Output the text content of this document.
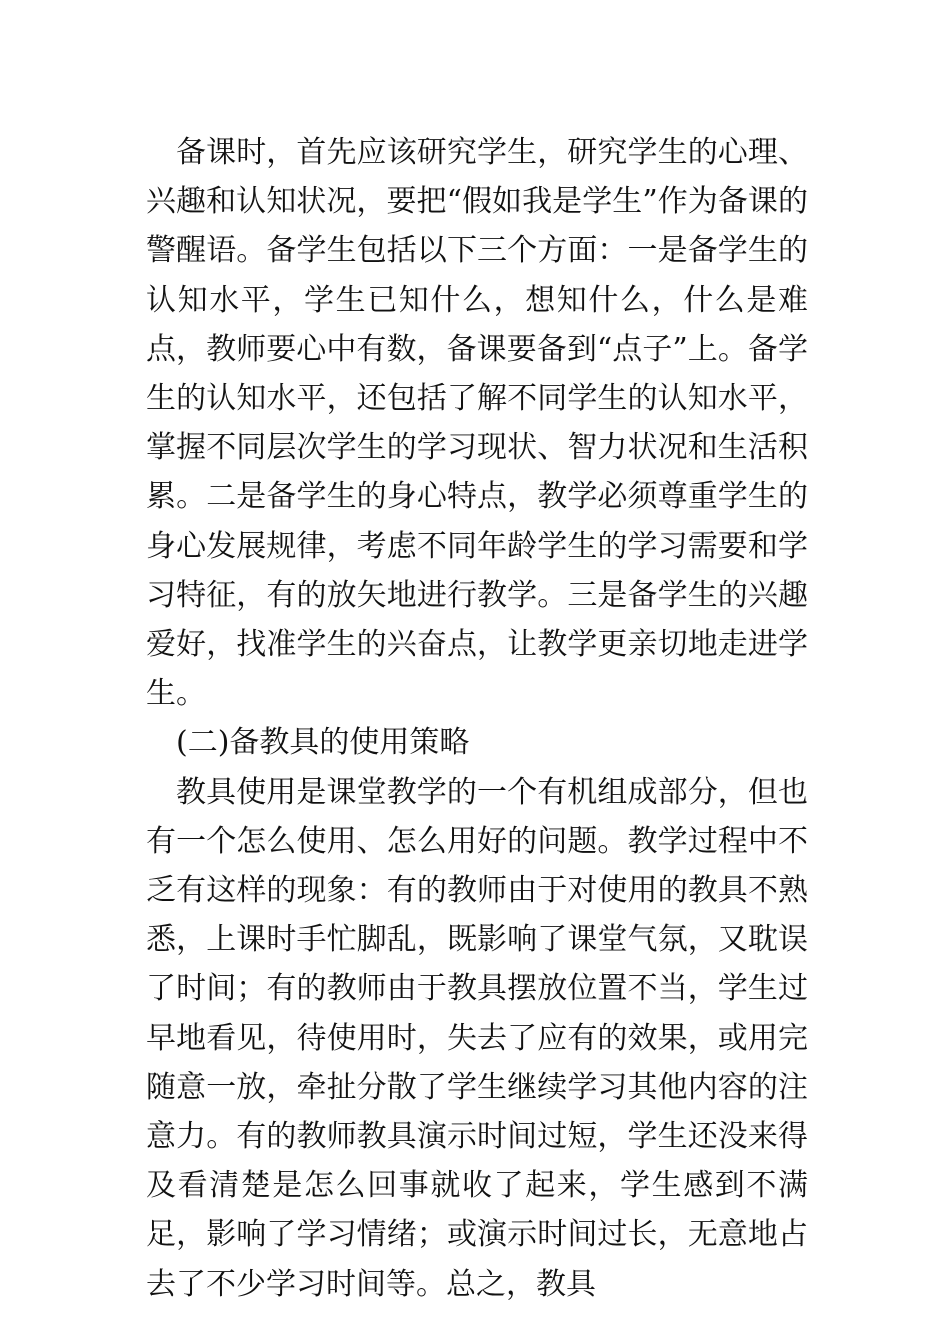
备课时，首先应该研究学生，研究学生的心理、兴趣和认知状况，要把“假如我是学生”作为备课的警醒语。备学生包括以下三个方面：一是备学生的认知水平，学生已知什么，想知什么，什么是难点，教师要心中有数，备课要备到“点子”上。备学生的认知水平，还包括了解不同学生的认知水平，掌握不同层次学生的学习现状、智力状况和生活积累。二是备学生的身心特点，教学必须尊重学生的身心发展规律，考虑不同年龄学生的学习需要和学习特征，有的放矢地进行教学。三是备学生的兴趣爱好，找准学生的兴奋点，让教学更亲切地走进学生。

(二)备教具的使用策略

教具使用是课堂教学的一个有机组成部分，但也有一个怎么使用、怎么用好的问题。教学过程中不乏有这样的现象：有的教师由于对使用的教具不熟悉，上课时手忙脚乱，既影响了课堂气氛，又耽误了时间；有的教师由于教具摆放位置不当，学生过早地看见，待使用时，失去了应有的效果，或用完随意一放，牵扯分散了学生继续学习其他内容的注意力。有的教师教具演示时间过短，学生还没来得及看清楚是怎么回事就收了起来，学生感到不满足，影响了学习情绪；或演示时间过长，无意地占去了不少学习时间等。总之，教具
